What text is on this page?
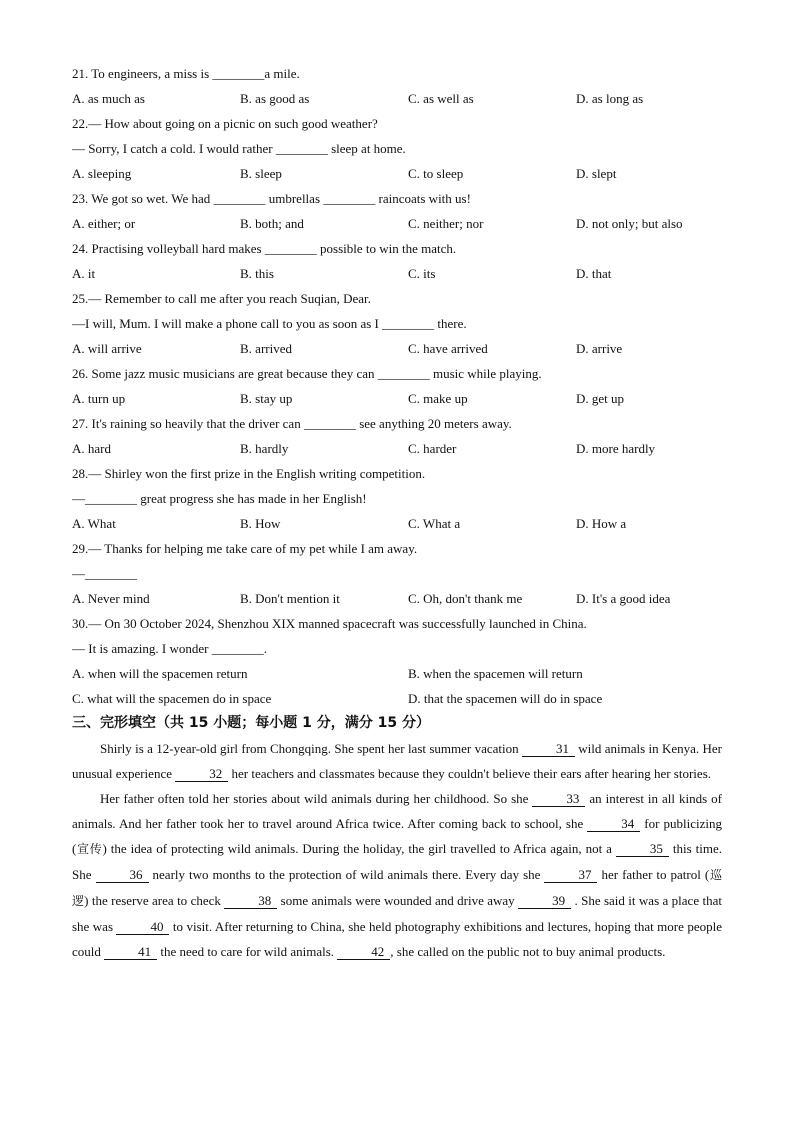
21. To engineers, a miss is ________a mile.
A. as much as	B. as good as	C. as well as	D. as long as
22.— How about going on a picnic on such good weather?
— Sorry, I catch a cold. I would rather ________ sleep at home.
A. sleeping	B. sleep	C. to sleep	D. slept
23. We got so wet. We had ________ umbrellas ________ raincoats with us!
A. either; or	B. both; and	C. neither; nor	D. not only; but also
24. Practising volleyball hard makes ________ possible to win the match.
A. it	B. this	C. its	D. that
25.— Remember to call me after you reach Suqian, Dear.
—I will, Mum. I will make a phone call to you as soon as I ________ there.
A. will arrive	B. arrived	C. have arrived	D. arrive
26. Some jazz music musicians are great because they can ________ music while playing.
A. turn up	B. stay up	C. make up	D. get up
27. It's raining so heavily that the driver can ________ see anything 20 meters away.
A. hard	B. hardly	C. harder	D. more hardly
28.— Shirley won the first prize in the English writing competition.
—________ great progress she has made in her English!
A. What	B. How	C. What a	D. How a
29.— Thanks for helping me take care of my pet while I am away.
—________
A. Never mind	B. Don't mention it	C. Oh, don't thank me	D. It's a good idea
30.— On 30 October 2024, Shenzhou XIX manned spacecraft was successfully launched in China.
— It is amazing. I wonder ________.
A. when will the spacemen return	B. when the spacemen will return
C. what will the spacemen do in space	D. that the spacemen will do in space
三、完形填空（共 15 小题；每小题 1 分，满分 15 分）

Shirly is a 12-year-old girl from Chongqing. She spent her last summer vacation	31 wild animals in Kenya. Her unusual experience	32 her teachers and classmates because they couldn't believe their ears after hearing her stories.

Her father often told her stories about wild animals during her childhood. So she	33 an interest in all kinds of animals. And her father took her to travel around Africa twice. After coming back to school, she	34 for publicizing (宣传) the idea of protecting wild animals. During the holiday, the girl travelled to Africa again, not a	35 this time. She	36 nearly two months to the protection of wild animals there. Every day she	37 her father to patrol (巡逻) the reserve area to check	38 some animals were wounded and drive away	39 . She said it was a place that she was	40 to visit. After returning to China, she held photography exhibitions and lectures, hoping that more people could	41 the need to care for wild animals.	42 , she called on the public not to buy animal products.
